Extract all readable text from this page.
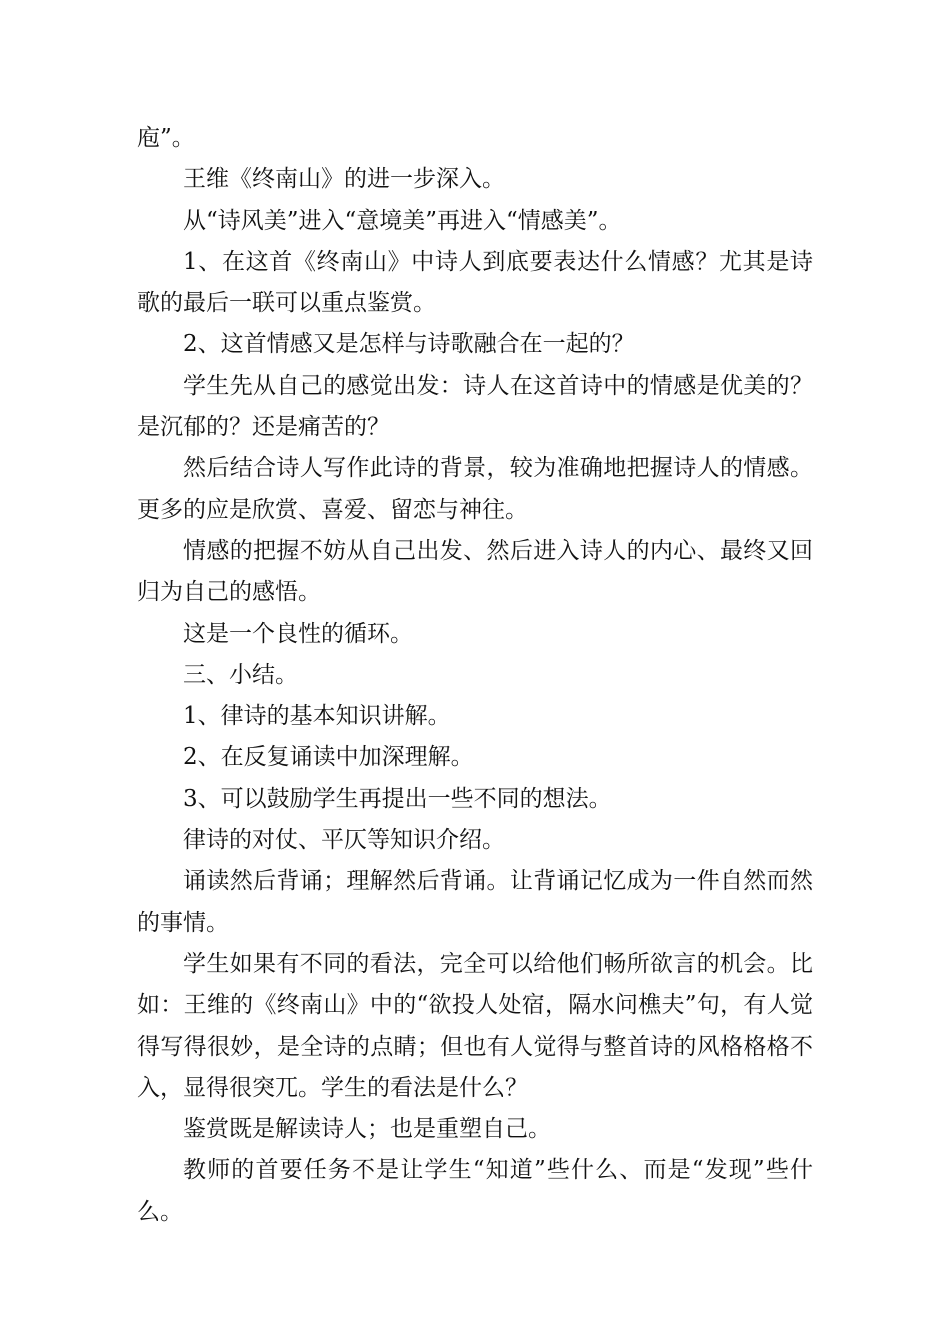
庖”。

王维《终南山》的进一步深入。

从“诗风美”进入“意境美”再进入“情感美”。

1、在这首《终南山》中诗人到底要表达什么情感？尤其是诗歌的最后一联可以重点鉴赏。

2、这首情感又是怎样与诗歌融合在一起的？

学生先从自己的感觉出发：诗人在这首诗中的情感是优美的？是沉郁的？还是痛苦的？

然后结合诗人写作此诗的背景，较为准确地把握诗人的情感。更多的应是欣赏、喜爱、留恋与神往。

情感的把握不妨从自己出发、然后进入诗人的内心、最终又回归为自己的感悟。

这是一个良性的循环。

三、小结。

1、律诗的基本知识讲解。

2、在反复诵读中加深理解。

3、可以鼓励学生再提出一些不同的想法。

律诗的对仗、平仄等知识介绍。

诵读然后背诵；理解然后背诵。让背诵记忆成为一件自然而然的事情。

学生如果有不同的看法，完全可以给他们畅所欲言的机会。比如：王维的《终南山》中的“欲投人处宿，隔水问樵夫”句，有人觉得写得很妙，是全诗的点睛；但也有人觉得与整首诗的风格格格不入，显得很突兀。学生的看法是什么？

鉴赏既是解读诗人；也是重塑自己。

教师的首要任务不是让学生“知道”些什么、而是“发现”些什么。
